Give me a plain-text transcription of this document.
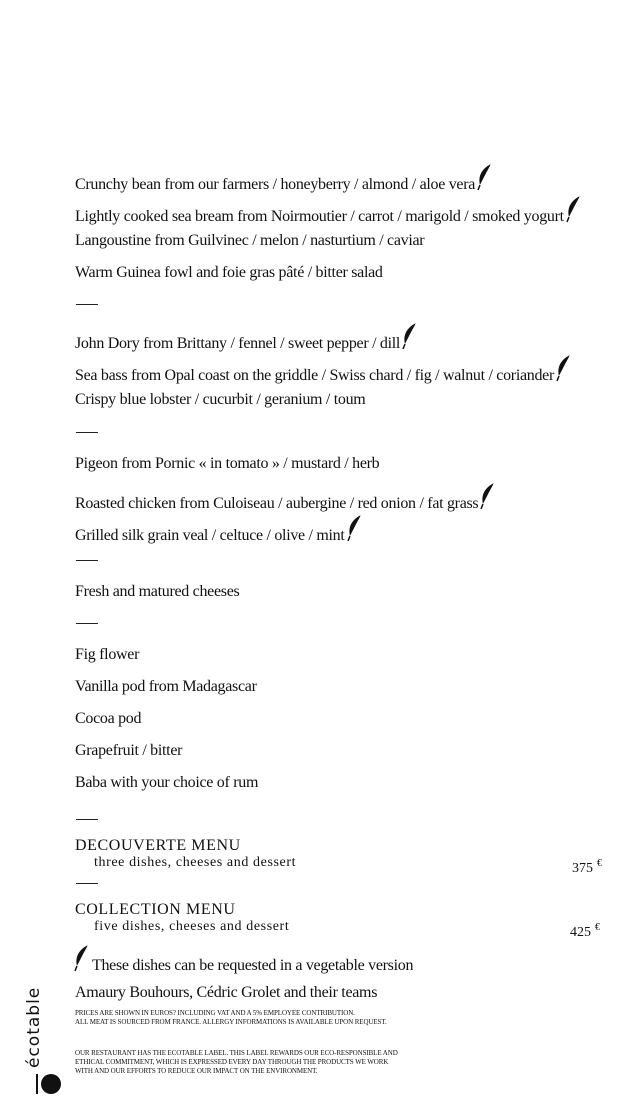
Crunchy bean from our farmers / honeyberry / almond / aloe vera
Lightly cooked sea bream from Noirmoutier / carrot / marigold / smoked yogurt
Langoustine from Guilvinec / melon / nasturtium / caviar
Warm Guinea fowl and foie gras pâté / bitter salad
John Dory from Brittany / fennel / sweet pepper / dill
Sea bass from Opal coast on the griddle / Swiss chard / fig / walnut / coriander
Crispy blue lobster / cucurbit / geranium / toum
Pigeon from Pornic « in tomato » / mustard / herb
Roasted chicken from Culoiseau / aubergine / red onion / fat grass
Grilled silk grain veal / celtuce / olive / mint
Fresh and matured cheeses
Fig flower
Vanilla pod from Madagascar
Cocoa pod
Grapefruit / bitter
Baba with your choice of rum
DECOUVERTE MENU
three dishes, cheeses and dessert	375 €
COLLECTION MENU
five dishes, cheeses and dessert	425 €
These dishes can be requested in a vegetable version
Amaury Bouhours, Cédric Grolet and their teams
PRICES ARE SHOWN IN EUROS? INCLUDING VAT AND A 5% EMPLOYEE CONTRIBUTION.
ALL MEAT IS SOURCED FROM FRANCE. ALLERGY INFORMATIONS IS AVAILABLE UPON REQUEST.
OUR RESTAURANT HAS THE ECOTABLE LABEL. THIS LABEL REWARDS OUR ECO-RESPONSIBLE AND
ETHICAL COMMITMENT, WHICH IS EXPRESSED EVERY DAY THROUGH THE PRODUCTS WE WORK
WITH AND OUR EFFORTS TO REDUCE OUR IMPACT ON THE ENVIRONMENT.
écotable
